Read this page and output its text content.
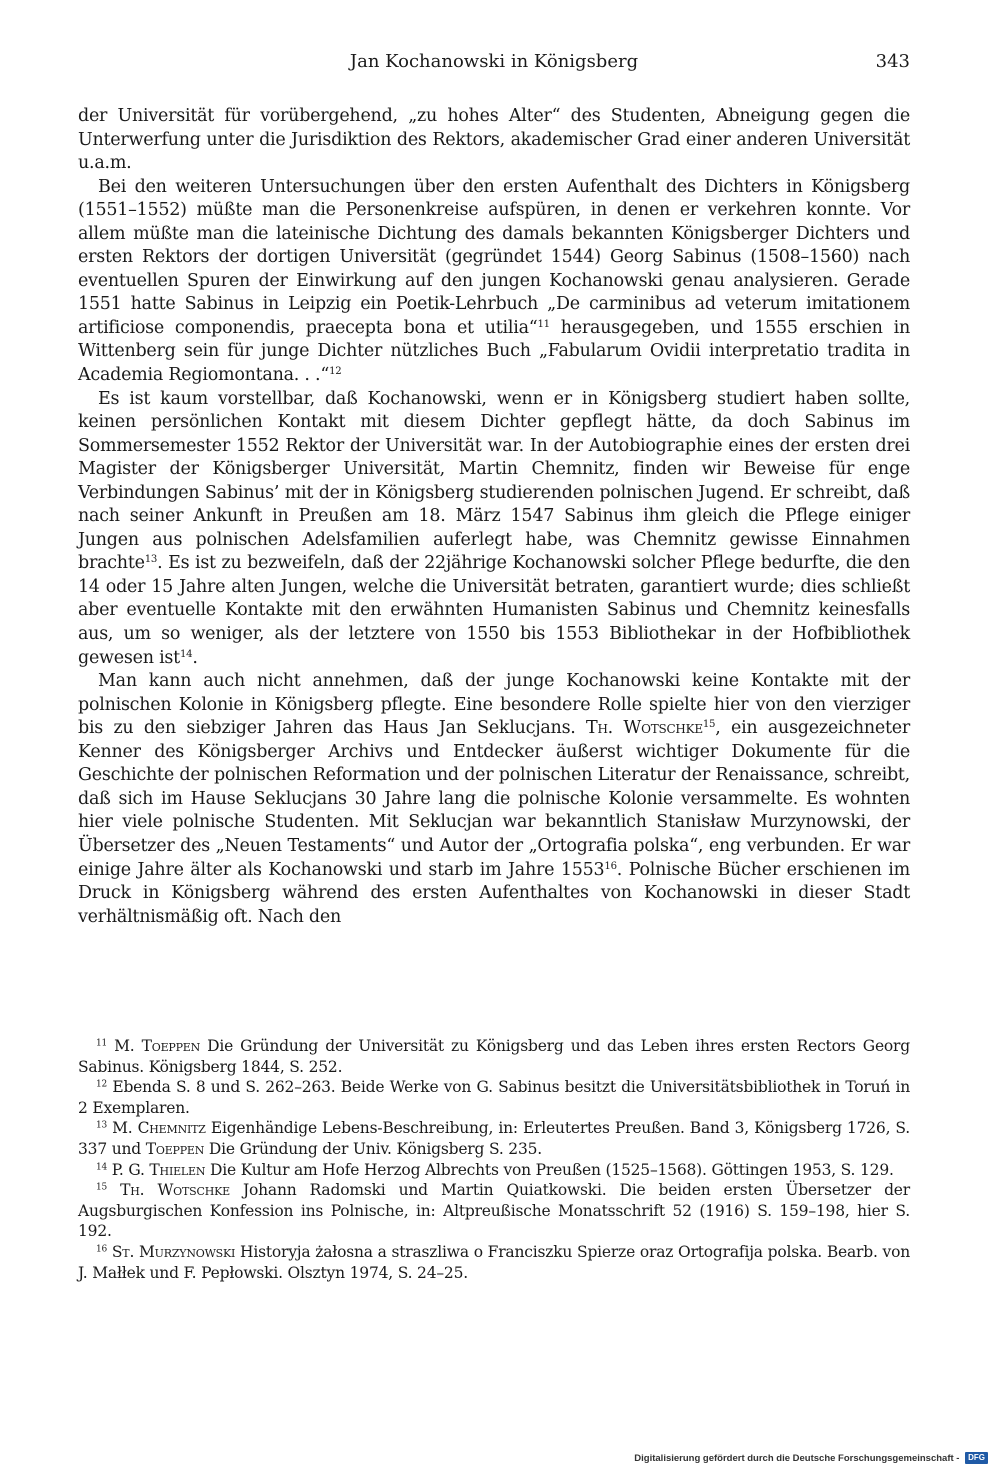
Jan Kochanowski in Königsberg	343

der Universität für vorübergehend, „zu hohes Alter“ des Studenten, Abneigung gegen die Unterwerfung unter die Jurisdiktion des Rektors, akademischer Grad einer anderen Universität u.a.m.

Bei den weiteren Untersuchungen über den ersten Aufenthalt des Dichters in Königsberg (1551–1552) müßte man die Personenkreise aufspüren, in denen er verkehren konnte. Vor allem müßte man die lateinische Dichtung des damals bekannten Königsberger Dichters und ersten Rektors der dortigen Universität (gegründet 1544) Georg Sabinus (1508–1560) nach eventuellen Spuren der Einwirkung auf den jungen Kochanowski genau analysieren. Gerade 1551 hatte Sabinus in Leipzig ein Poetik-Lehrbuch „De carminibus ad veterum imitationem artificiose componendis, praecepta bona et utilia“$^{11}$ herausgegeben, und 1555 erschien in Wittenberg sein für junge Dichter nützliches Buch „Fabularum Ovidii interpretatio tradita in Academia Regiomontana. . .“$^{12}$

Es ist kaum vorstellbar, daß Kochanowski, wenn er in Königsberg studiert haben sollte, keinen persönlichen Kontakt mit diesem Dichter gepflegt hätte, da doch Sabinus im Sommersemester 1552 Rektor der Universität war. In der Autobiographie eines der ersten drei Magister der Königsberger Universität, Martin Chemnitz, finden wir Beweise für enge Verbindungen Sabinus’ mit der in Königsberg studierenden polnischen Jugend. Er schreibt, daß nach seiner Ankunft in Preußen am 18. März 1547 Sabinus ihm gleich die Pflege einiger Jungen aus polnischen Adelsfamilien auferlegt habe, was Chemnitz gewisse Einnahmen brachte$^{13}$. Es ist zu bezweifeln, daß der 22jährige Kochanowski solcher Pflege bedurfte, die den 14 oder 15 Jahre alten Jungen, welche die Universität betraten, garantiert wurde; dies schließt aber eventuelle Kontakte mit den erwähnten Humanisten Sabinus und Chemnitz keinesfalls aus, um so weniger, als der letztere von 1550 bis 1553 Bibliothekar in der Hofbibliothek gewesen ist$^{14}$.

Man kann auch nicht annehmen, daß der junge Kochanowski keine Kontakte mit der polnischen Kolonie in Königsberg pflegte. Eine besondere Rolle spielte hier von den vierziger bis zu den siebziger Jahren das Haus Jan Seklucjans. Th. Wotschke$^{15}$, ein ausgezeichneter Kenner des Königsberger Archivs und Entdecker äußerst wichtiger Dokumente für die Geschichte der polnischen Reformation und der polnischen Literatur der Renaissance, schreibt, daß sich im Hause Seklucjans 30 Jahre lang die polnische Kolonie versammelte. Es wohnten hier viele polnische Studenten. Mit Seklucjan war bekanntlich Stanisław Murzynowski, der Übersetzer des „Neuen Testaments“ und Autor der „Ortografia polska“, eng verbunden. Er war einige Jahre älter als Kochanowski und starb im Jahre 1553$^{16}$. Polnische Bücher erschienen im Druck in Königsberg während des ersten Aufenthaltes von Kochanowski in dieser Stadt verhältnismäßig oft. Nach den

$^{11}$ M. Toeppen Die Gründung der Universität zu Königsberg und das Leben ihres ersten Rectors Georg Sabinus. Königsberg 1844, S. 252.

$^{12}$ Ebenda S. 8 und S. 262–263. Beide Werke von G. Sabinus besitzt die Universitätsbibliothek in Toruń in 2 Exemplaren.

$^{13}$ M. Chemnitz Eigenhändige Lebens-Beschreibung, in: Erleutertes Preußen. Band 3, Königsberg 1726, S. 337 und Toeppen Die Gründung der Univ. Königsberg S. 235.

$^{14}$ P. G. Thielen Die Kultur am Hofe Herzog Albrechts von Preußen (1525–1568). Göttingen 1953, S. 129.

$^{15}$ Th. Wotschke Johann Radomski und Martin Quiatkowski. Die beiden ersten Übersetzer der Augsburgischen Konfession ins Polnische, in: Altpreußische Monatsschrift 52 (1916) S. 159–198, hier S. 192.

$^{16}$ St. Murzynowski Historyja żałosna a straszliwa o Franciszku Spierze oraz Ortografija polska. Bearb. von J. Małłek und F. Pepłowski. Olsztyn 1974, S. 24–25.

Digitalisierung gefördert durch die Deutsche Forschungsgemeinschaft - DFG
